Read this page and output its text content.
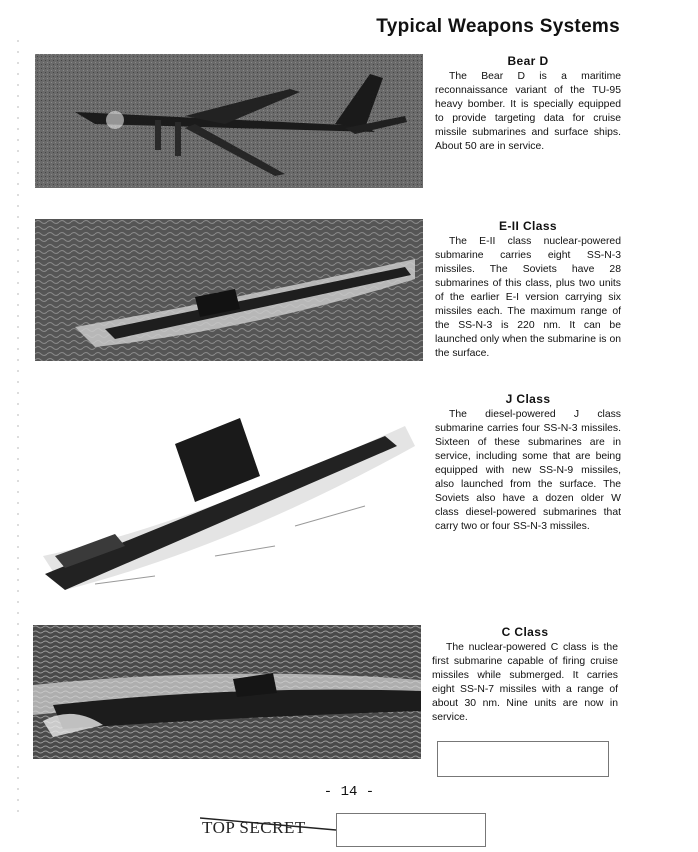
Typical Weapons Systems
Bear D

The Bear D is a maritime reconnaissance variant of the TU-95 heavy bomber. It is specially equipped to provide targeting data for cruise missile submarines and surface ships. About 50 are in service.

E-II Class

The E-II class nuclear-powered submarine carries eight SS-N-3 missiles. The Soviets have 28 submarines of this class, plus two units of the earlier E-I version carrying six missiles each. The maximum range of the SS-N-3 is 220 nm. It can be launched only when the submarine is on the surface.

J Class

The diesel-powered J class submarine carries four SS-N-3 missiles. Sixteen of these submarines are in service, including some that are being equipped with new SS-N-9 missiles, also launched from the surface. The Soviets also have a dozen older W class diesel-powered submarines that carry two or four SS-N-3 missiles.

C Class

The nuclear-powered C class is the first submarine capable of firing cruise missiles while submerged. It carries eight SS-N-7 missiles with a range of about 30 nm. Nine units are now in service.

- 14 -
TOP SECRET
